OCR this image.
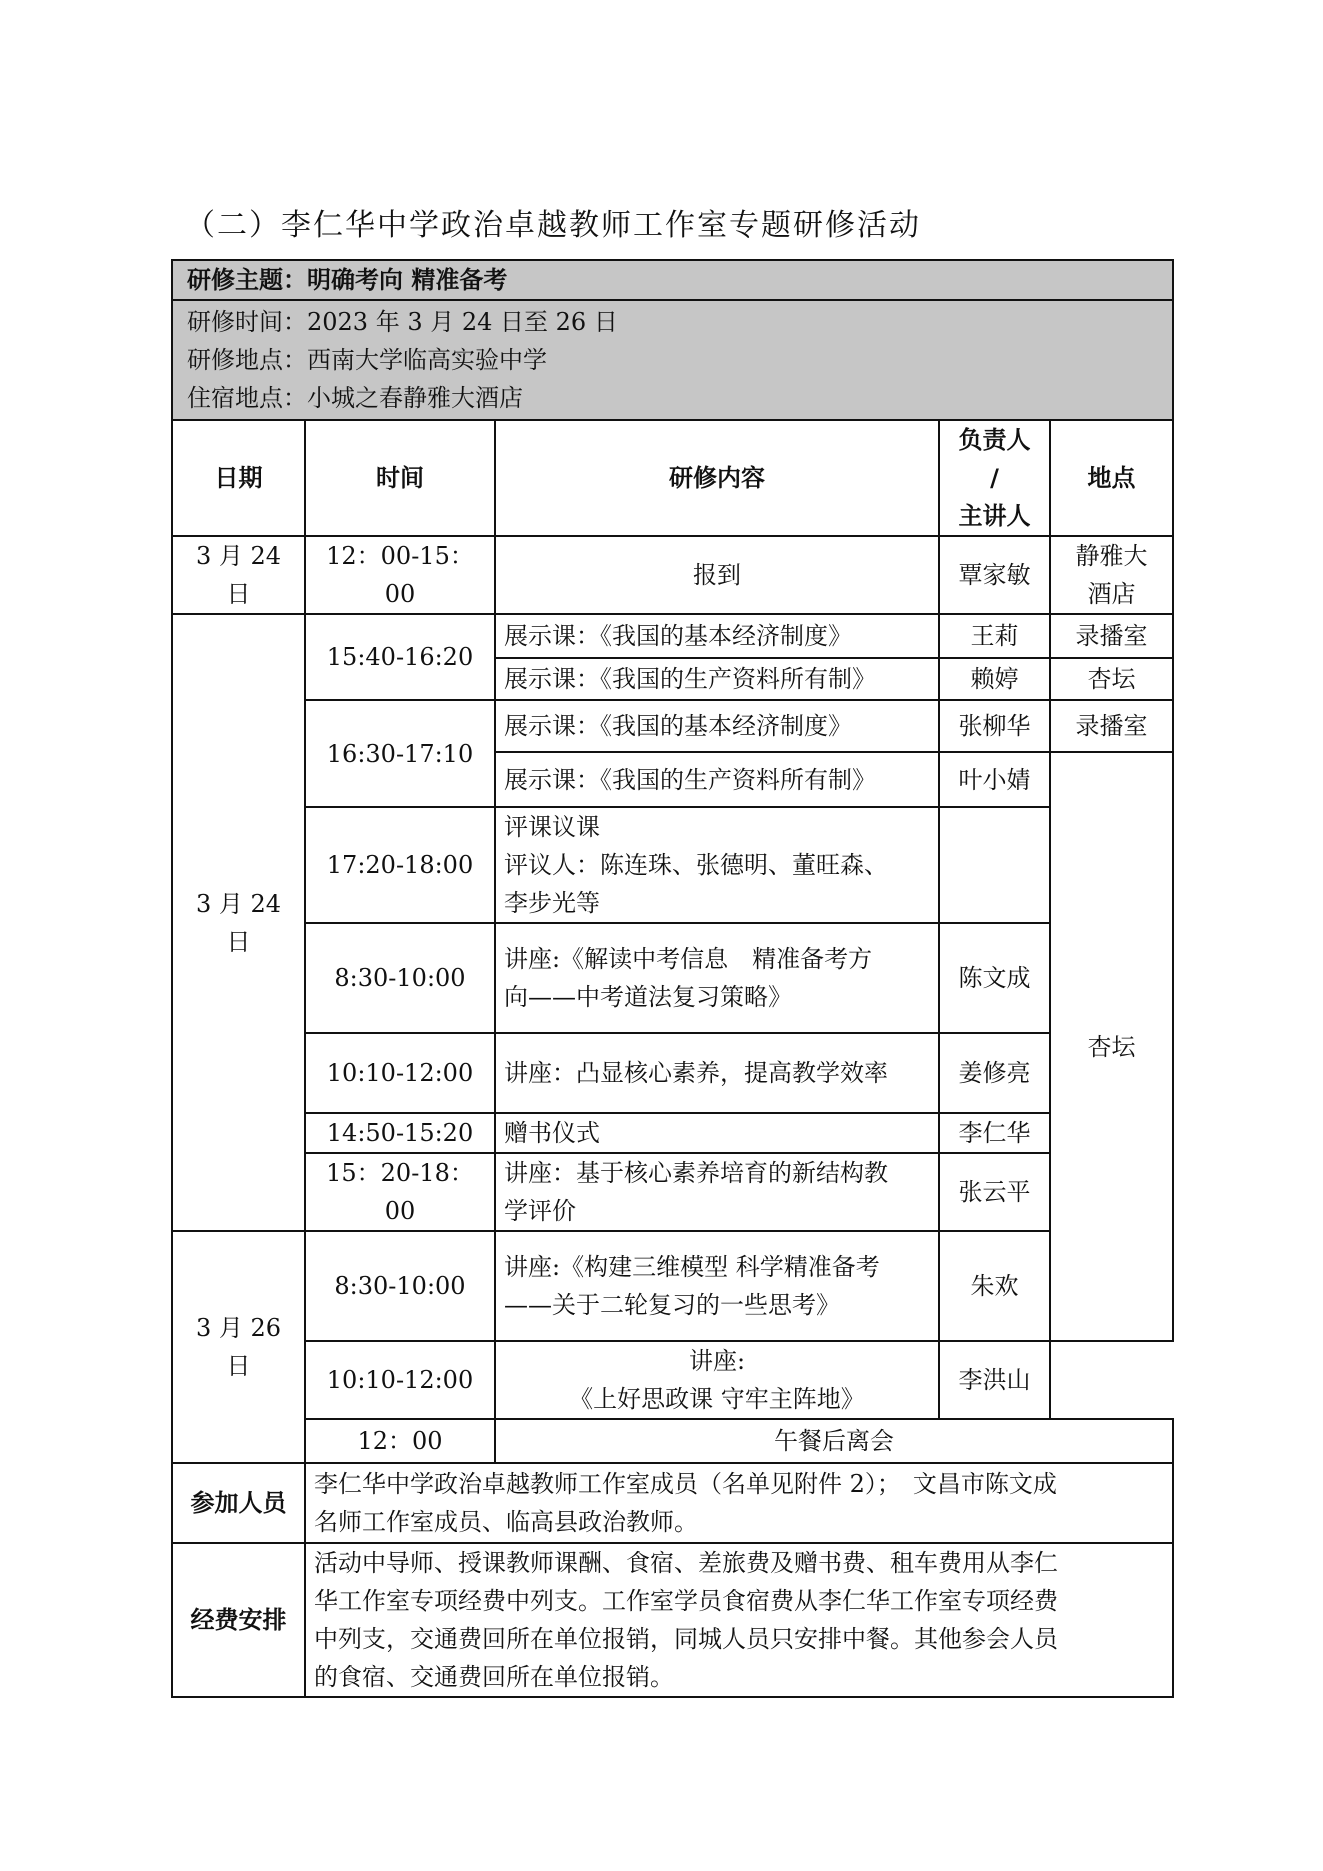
（二）李仁华中学政治卓越教师工作室专题研修活动
研修主题：明确考向 精准备考				

研修时间：2023 年 3 月 24 日至 26 日
研修地点：西南大学临高实验中学
住宿地点：小城之春静雅大酒店				

日期	时间	研修内容	负责人
/
主讲人	地点
3 月 24 日	12：00-15：00	报到	覃家敏	静雅大
酒店

3 月 24 日	15:40-16:20	展示课：《我国的基本经济制度》	王莉	录播室
		展示课：《我国的生产资料所有制》	赖婷	杏坛
	16:30-17:10	展示课：《我国的基本经济制度》	张柳华	录播室
		展示课：《我国的生产资料所有制》	叶小婧	杏坛
	17:20-18:00	评课议课
评议人：陈连珠、张德明、董旺森、
李步光等		

	8:30-10:00	讲座:《解读中考信息　精准备考方
向——中考道法复习策略》	陈文成	
	10:10-12:00	讲座：凸显核心素养，提高教学效率	姜修亮	
	14:50-15:20	赠书仪式	李仁华	
	15：20-18：00	讲座：基于核心素养培育的新结构教
学评价	张云平	
3 月 26 日	8:30-10:00	讲座:《构建三维模型 科学精准备考
——关于二轮复习的一些思考》	朱欢	
	10:10-12:00	讲座:
《上好思政课 守牢主阵地》	李洪山	
	12：00	午餐后离会		
参加人员	李仁华中学政治卓越教师工作室成员（名单见附件 2）；　文昌市陈文成
名师工作室成员、临高县政治教师。			

经费安排	活动中导师、授课教师课酬、食宿、差旅费及赠书费、租车费用从李仁
华工作室专项经费中列支。工作室学员食宿费从李仁华工作室专项经费
中列支，交通费回所在单位报销，同城人员只安排中餐。其他参会人员
的食宿、交通费回所在单位报销。			
